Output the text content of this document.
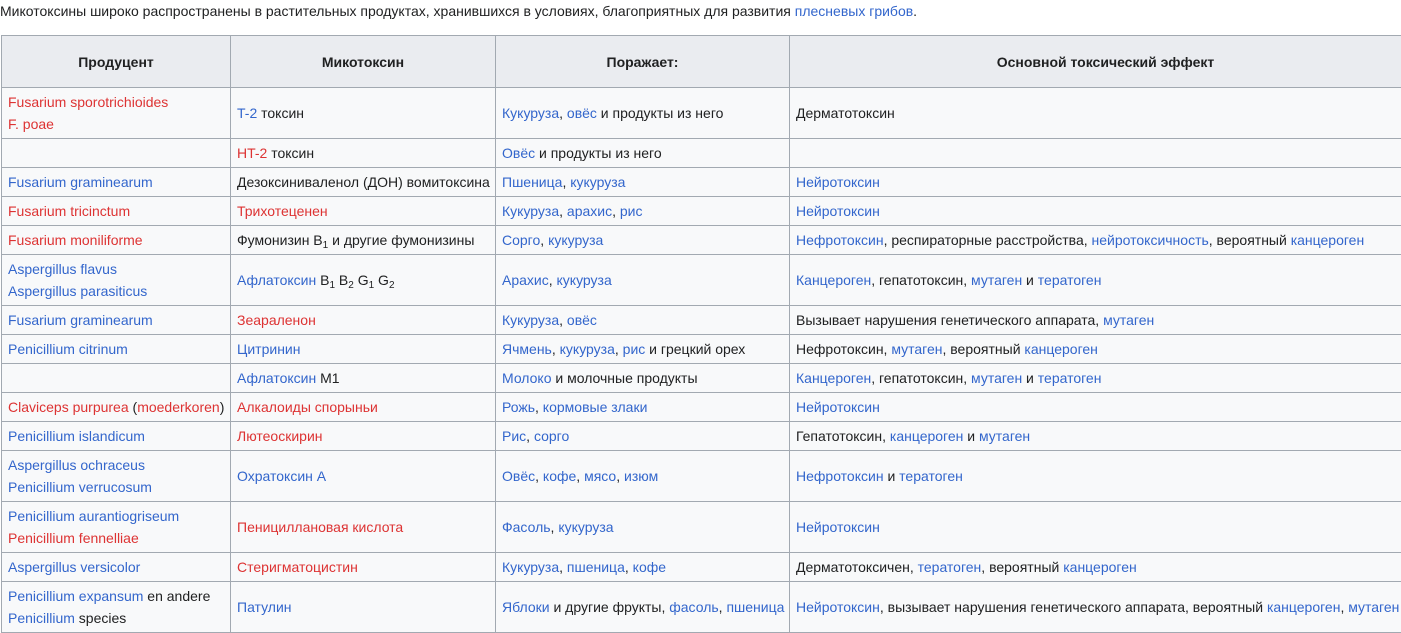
Микотоксины широко распространены в растительных продуктах, хранившихся в условиях, благоприятных для развития плесневых грибов.
Продуцент	Микотоксин	Поражает:	Основной токсический эффект

Fusarium sporotrichioides
F. poae	T-2 токсин	Кукуруза, овёс и продукты из него	Дерматотоксин

	HT-2 токсин	Овёс и продукты из него	

Fusarium graminearum	Дезоксиниваленол (ДОН) вомитоксина	Пшеница, кукуруза	Нейротоксин

Fusarium tricinctum	Трихотеценен	Кукуруза, арахис, рис	Нейротоксин

Fusarium moniliforme	Фумонизин $B_1$ и другие фумонизины	Сорго, кукуруза	Нефротоксин, респираторные расстройства, нейротоксичность, вероятный канцероген

Aspergillus flavus
Aspergillus parasiticus	Афлатоксин $B_1$ $B_2$ $G_1$ $G_2$	Арахис, кукуруза	Канцероген, гепатотоксин, мутаген и тератоген

Fusarium graminearum	Зеараленон	Кукуруза, овёс	Вызывает нарушения генетического аппарата, мутаген

Penicillium citrinum	Цитринин	Ячмень, кукуруза, рис и грецкий орех	Нефротоксин, мутаген, вероятный канцероген

	Афлатоксин M1	Молоко и молочные продукты	Канцероген, гепатотоксин, мутаген и тератоген

Claviceps purpurea (moederkoren)	Алкалоиды спорыньи	Рожь, кормовые злаки	Нейротоксин

Penicillium islandicum	Лютеоскирин	Рис, сорго	Гепатотоксин, канцероген и мутаген

Aspergillus ochraceus
Penicillium verrucosum	Охратоксин A	Овёс, кофе, мясо, изюм	Нефротоксин и тератоген

Penicillium aurantiogriseum
Penicillium fennelliae	Пенициллановая кислота	Фасоль, кукуруза	Нейротоксин

Aspergillus versicolor	Стеригматоцистин	Кукуруза, пшеница, кофе	Дерматотоксичен, тератоген, вероятный канцероген

Penicillium expansum en andere
Penicillium species	Патулин	Яблоки и другие фрукты, фасоль, пшеница	Нейротоксин, вызывает нарушения генетического аппарата, вероятный канцероген, мутаген
